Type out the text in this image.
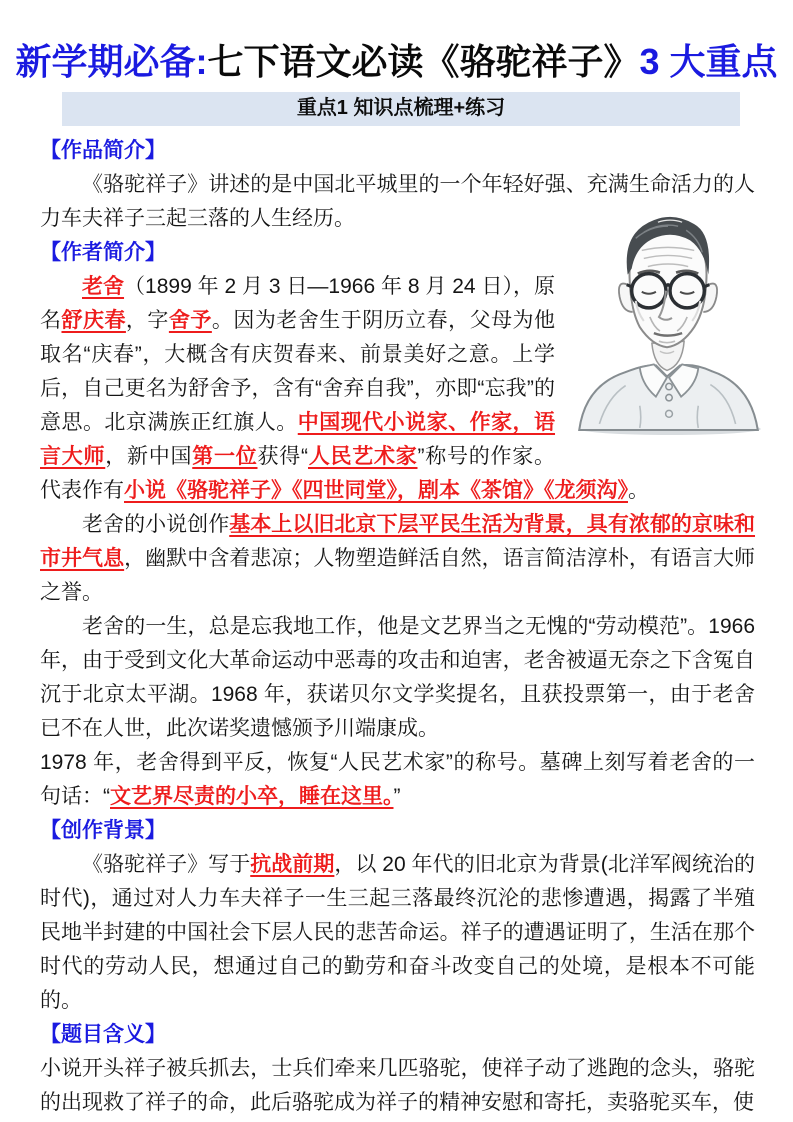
新学期必备:七下语文必读《骆驼祥子》3 大重点
重点1 知识点梳理+练习
【作品简介】

《骆驼祥子》讲述的是中国北平城里的一个年轻好强、充满生命活力的人力车夫祥子三起三落的人生经历。

【作者简介】

老舍（1899 年 2 月 3 日—1966 年 8 月 24 日），原名舒庆春，字舍予。因为老舍生于阴历立春，父母为他取名“庆春”，大概含有庆贺春来、前景美好之意。上学后，自己更名为舒舍予，含有“舍弃自我”，亦即“忘我”的意思。北京满族正红旗人。中国现代小说家、作家，语言大师，新中国第一位获得“人民艺术家”称号的作家。代表作有小说《骆驼祥子》《四世同堂》，剧本《茶馆》《龙须沟》。

老舍的小说创作基本上以旧北京下层平民生活为背景，具有浓郁的京味和市井气息，幽默中含着悲凉；人物塑造鲜活自然，语言简洁淳朴，有语言大师之誉。

老舍的一生，总是忘我地工作，他是文艺界当之无愧的“劳动模范”。1966 年，由于受到文化大革命运动中恶毒的攻击和迫害，老舍被逼无奈之下含冤自沉于北京太平湖。1968 年，获诺贝尔文学奖提名，且获投票第一，由于老舍已不在人世，此次诺奖遗憾颁予川端康成。

1978 年，老舍得到平反，恢复“人民艺术家”的称号。墓碑上刻写着老舍的一句话：“文艺界尽责的小卒，睡在这里。”

【创作背景】

《骆驼祥子》写于抗战前期，以 20 年代的旧北京为背景(北洋军阀统治的时代)，通过对人力车夫祥子一生三起三落最终沉沦的悲惨遭遇，揭露了半殖民地半封建的中国社会下层人民的悲苦命运。祥子的遭遇证明了，生活在那个时代的劳动人民，想通过自己的勤劳和奋斗改变自己的处境，是根本不可能的。

【题目含义】

小说开头祥子被兵抓去，士兵们牵来几匹骆驼，使祥子动了逃跑的念头，骆驼的出现救了祥子的命，此后骆驼成为祥子的精神安慰和寄托，卖骆驼买车，使
